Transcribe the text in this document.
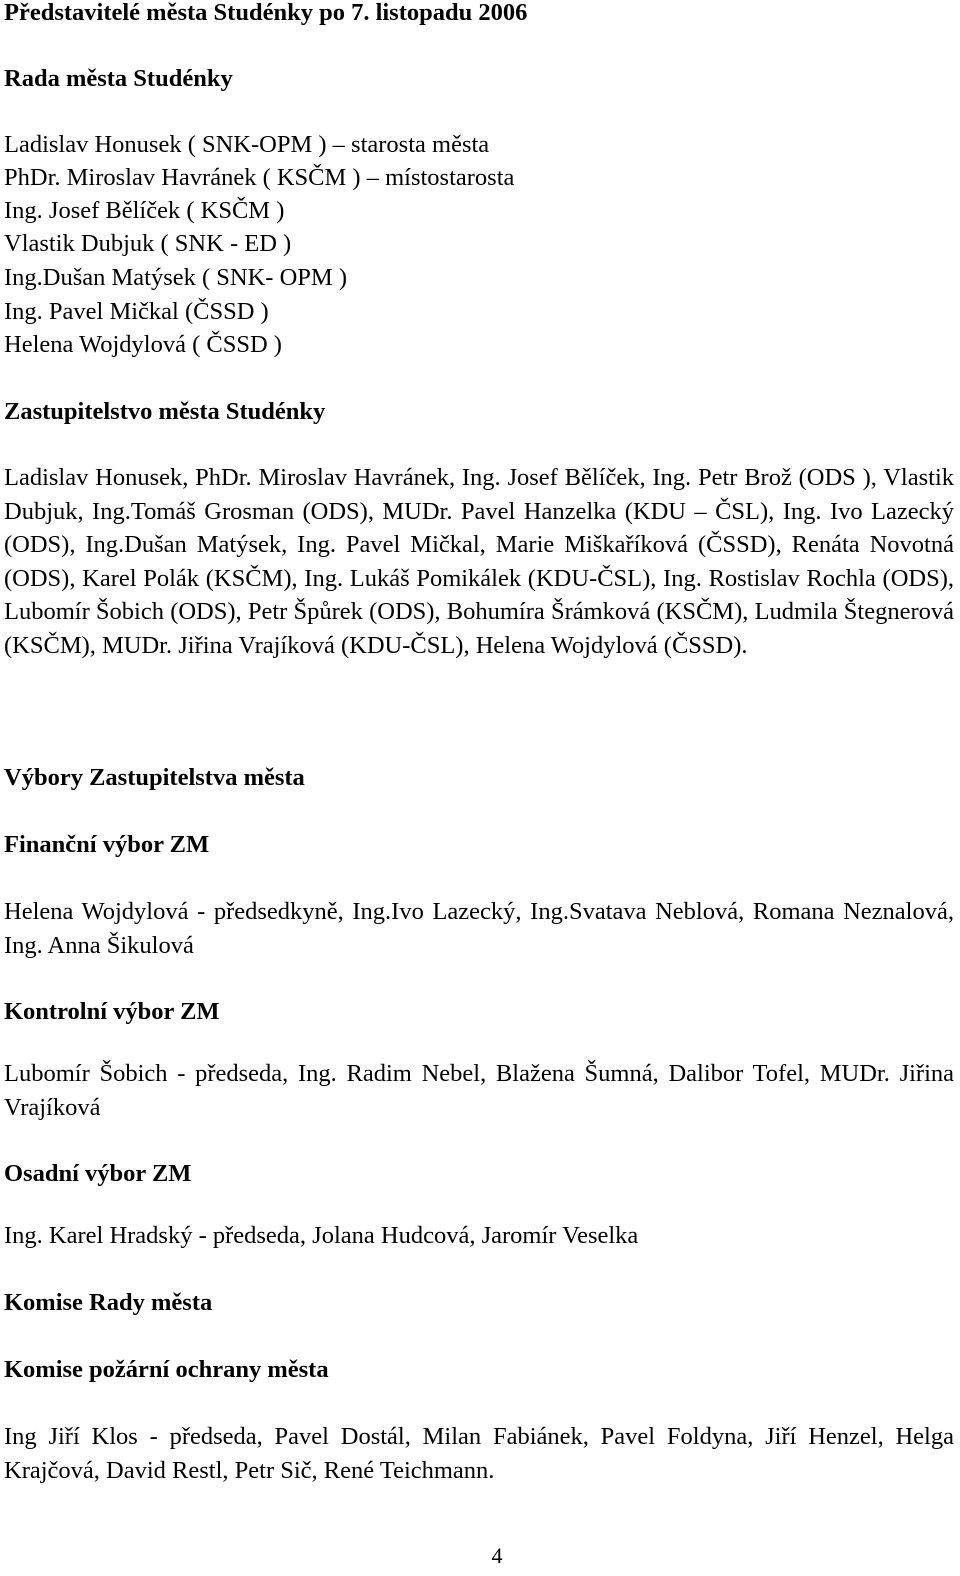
Představitelé města Studénky po 7. listopadu 2006
Rada města Studénky
Ladislav Honusek ( SNK-OPM ) – starosta města
PhDr. Miroslav Havránek ( KSČM ) – místostarosta
Ing. Josef Bělíček ( KSČM )
Vlastik Dubjuk ( SNK - ED )
Ing.Dušan Matýsek ( SNK- OPM )
Ing. Pavel Mičkal (ČSSD )
Helena Wojdylová ( ČSSD )
Zastupitelstvo města Studénky
Ladislav Honusek, PhDr. Miroslav Havránek, Ing. Josef Bělíček, Ing. Petr Brož (ODS ), Vlastik Dubjuk, Ing.Tomáš Grosman (ODS), MUDr. Pavel Hanzelka (KDU – ČSL), Ing. Ivo Lazecký (ODS), Ing.Dušan Matýsek, Ing. Pavel Mičkal, Marie Miškaříková (ČSSD), Renáta Novotná (ODS), Karel Polák (KSČM), Ing. Lukáš Pomikálek (KDU-ČSL), Ing. Rostislav Rochla (ODS), Lubomír Šobich (ODS), Petr Špůrek (ODS), Bohumíra Šrámková (KSČM), Ludmila Štegnerová (KSČM), MUDr. Jiřina Vrajíková (KDU-ČSL), Helena Wojdylová (ČSSD).
Výbory Zastupitelstva města
Finanční výbor ZM
Helena Wojdylová - předsedkyně, Ing.Ivo Lazecký, Ing.Svatava Neblová, Romana Neznalová, Ing. Anna Šikulová
Kontrolní výbor ZM
Lubomír Šobich - předseda, Ing. Radim Nebel, Blažena Šumná, Dalibor Tofel, MUDr. Jiřina Vrajíková
Osadní výbor ZM
Ing. Karel Hradský - předseda, Jolana Hudcová, Jaromír Veselka
Komise Rady města
Komise požární ochrany města
Ing Jiří Klos - předseda, Pavel Dostál, Milan Fabiánek, Pavel Foldyna, Jiří Henzel, Helga Krajčová, David Restl, Petr Sič, René Teichmann.
4
